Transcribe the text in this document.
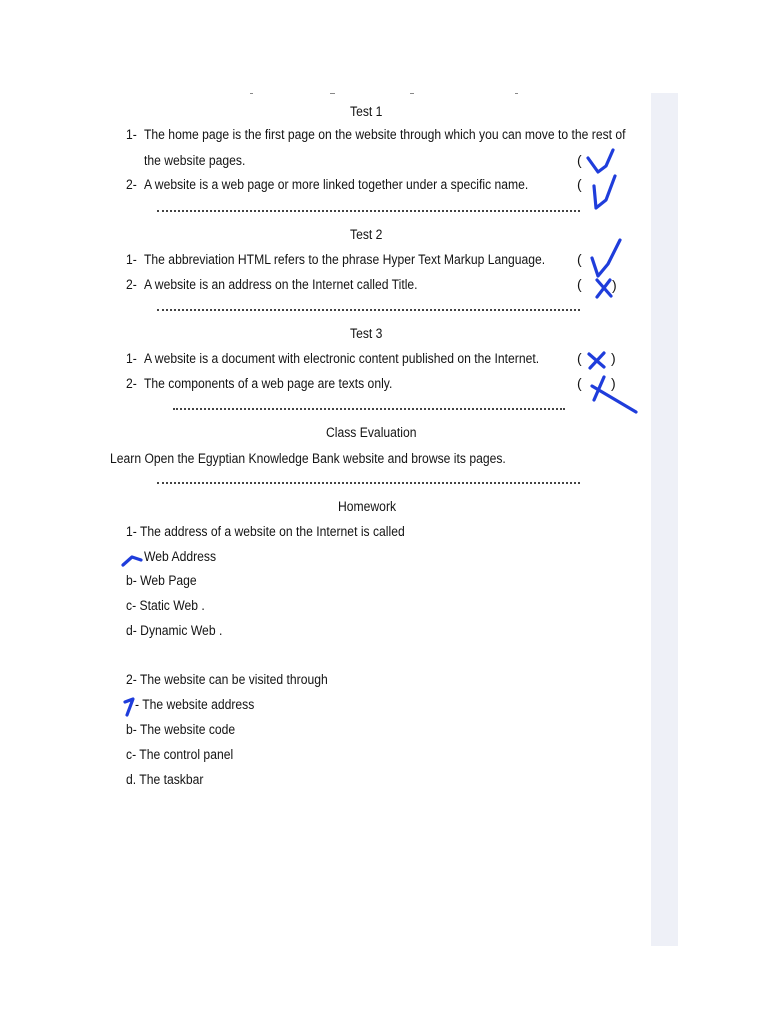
Test 1
1- The home page is the first page on the website through which you can move to the rest of
the website pages.	(
2- A website is a web page or more linked together under a specific name.	(
Test 2
1- The abbreviation HTML refers to the phrase Hyper Text Markup Language. (
2- A website is an address on the Internet called Title.	( )
Test 3
1- A website is a document with electronic content published on the Internet.	( )
2- The components of a web page are texts only.	( )
Class Evaluation
Learn Open the Egyptian Knowledge Bank website and browse its pages.
Homework
1- The address of a website on the Internet is called
Web Address
b- Web Page
c- Static Web .
d- Dynamic Web .
2- The website can be visited through
- The website address
b- The website code
c- The control panel
d. The taskbar
